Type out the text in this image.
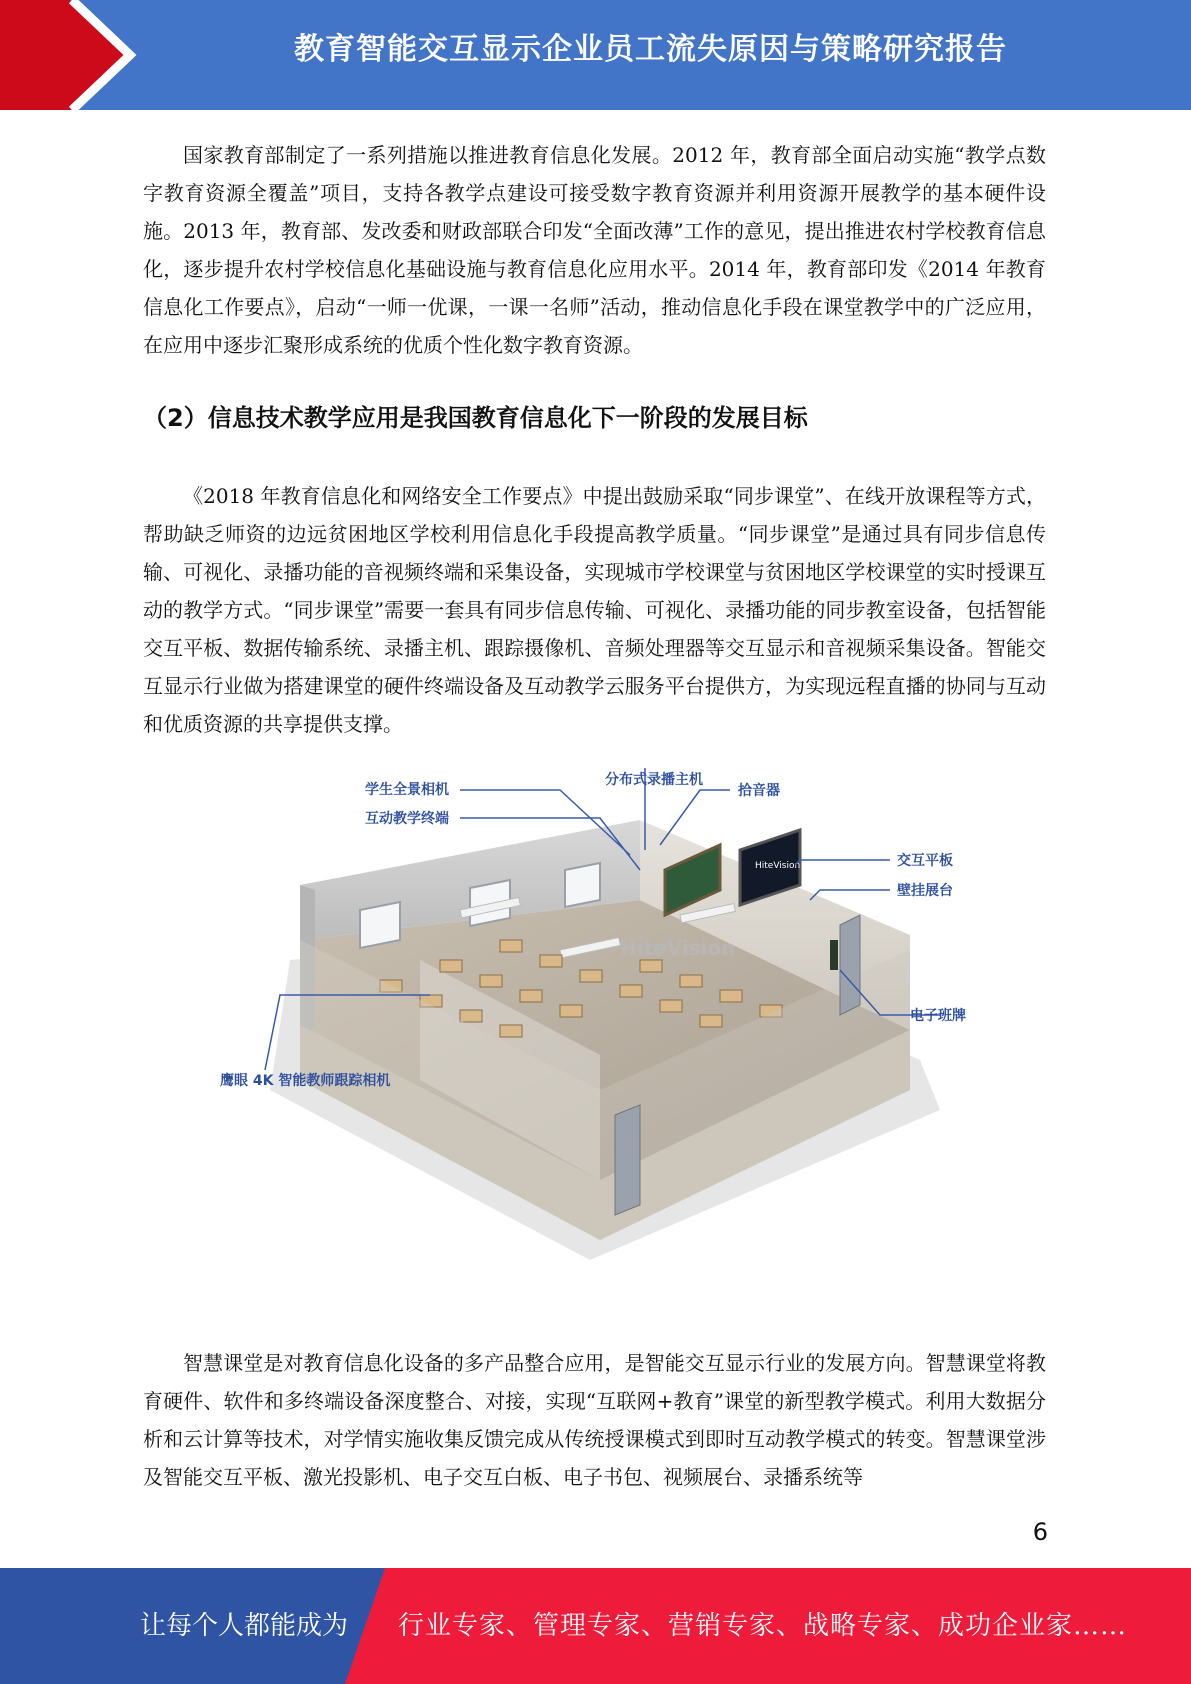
教育智能交互显示企业员工流失原因与策略研究报告

国家教育部制定了一系列措施以推进教育信息化发展。2012 年，教育部全面启动实施“教学点数字教育资源全覆盖”项目，支持各教学点建设可接受数字教育资源并利用资源开展教学的基本硬件设施。2013 年，教育部、发改委和财政部联合印发“全面改薄”工作的意见，提出推进农村学校教育信息化，逐步提升农村学校信息化基础设施与教育信息化应用水平。2014 年，教育部印发《2014 年教育信息化工作要点》，启动“一师一优课，一课一名师”活动，推动信息化手段在课堂教学中的广泛应用，在应用中逐步汇聚形成系统的优质个性化数字教育资源。

（2）信息技术教学应用是我国教育信息化下一阶段的发展目标

《2018 年教育信息化和网络安全工作要点》中提出鼓励采取“同步课堂”、在线开放课程等方式，帮助缺乏师资的边远贫困地区学校利用信息化手段提高教学质量。“同步课堂”是通过具有同步信息传输、可视化、录播功能的音视频终端和采集设备，实现城市学校课堂与贫困地区学校课堂的实时授课互动的教学方式。“同步课堂”需要一套具有同步信息传输、可视化、录播功能的同步教室设备，包括智能交互平板、数据传输系统、录播主机、跟踪摄像机、音频处理器等交互显示和音视频采集设备。智能交互显示行业做为搭建课堂的硬件终端设备及互动教学云服务平台提供方，为实现远程直播的协同与互动和优质资源的共享提供支撑。

HiteVision
HiteVision
分布式录播主机
学生全景相机	拾音器
互动教学终端
交互平板
壁挂展台
电子班牌
鹰眼 4K 智能教师跟踪相机

智慧课堂是对教育信息化设备的多产品整合应用，是智能交互显示行业的发展方向。智慧课堂将教育硬件、软件和多终端设备深度整合、对接，实现“互联网+教育”课堂的新型教学模式。利用大数据分析和云计算等技术，对学情实施收集反馈完成从传统授课模式到即时互动教学模式的转变。智慧课堂涉及智能交互平板、激光投影机、电子交互白板、电子书包、视频展台、录播系统等

6
让每个人都能成为 行业专家、管理专家、营销专家、战略专家、成功企业家……
